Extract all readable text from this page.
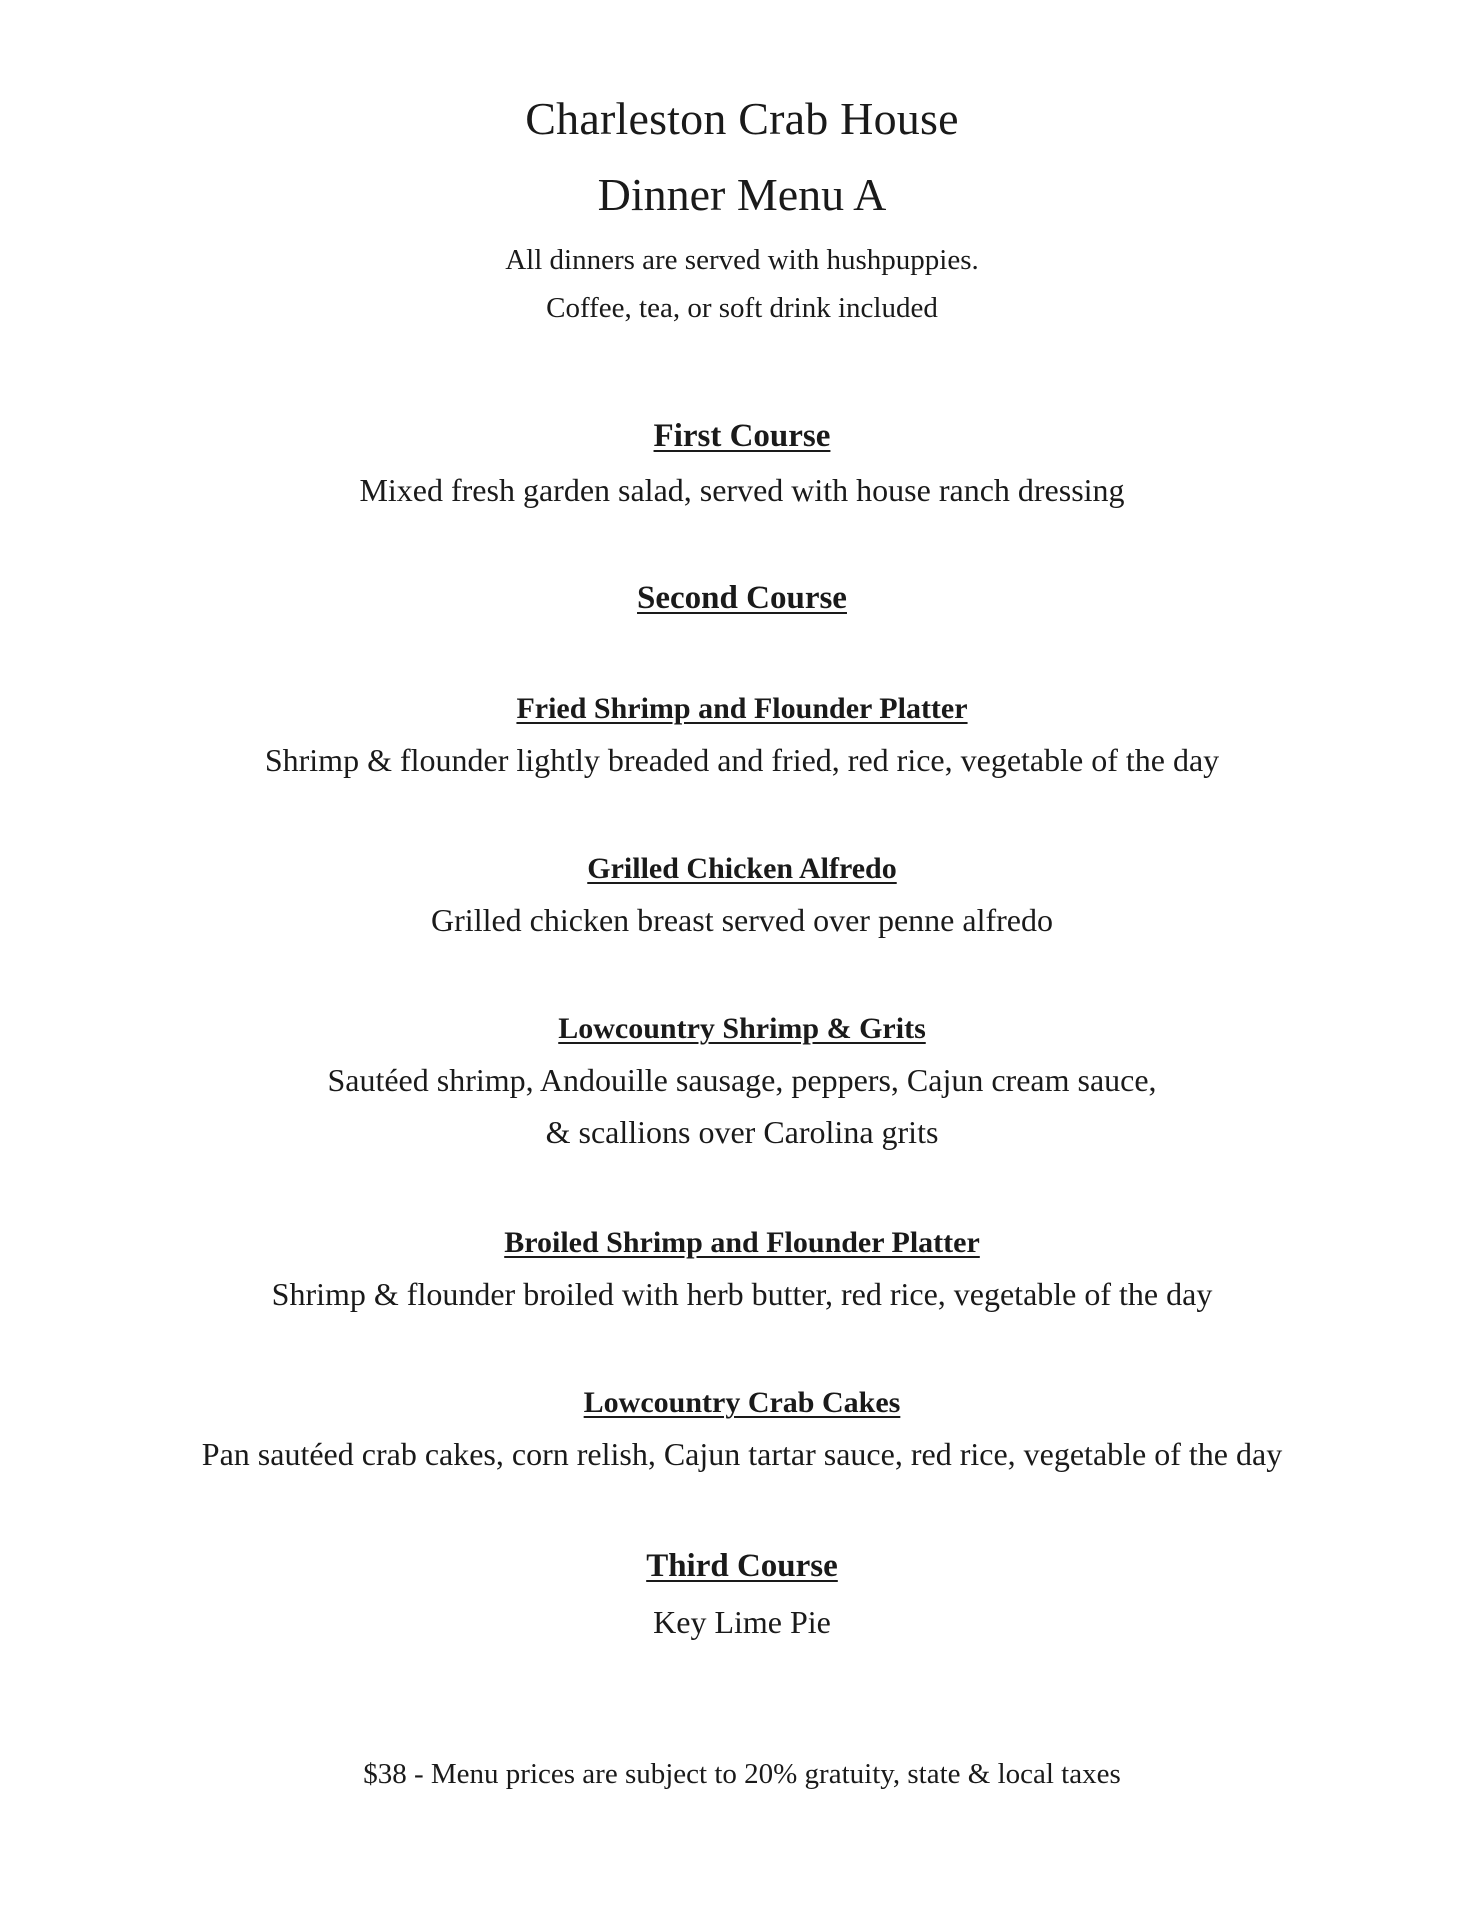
Charleston Crab House
Dinner Menu A
All dinners are served with hushpuppies.
Coffee, tea, or soft drink included
First Course
Mixed fresh garden salad, served with house ranch dressing
Second Course
Fried Shrimp and Flounder Platter
Shrimp & flounder lightly breaded and fried, red rice, vegetable of the day
Grilled Chicken Alfredo
Grilled chicken breast served over penne alfredo
Lowcountry Shrimp & Grits
Sautéed shrimp, Andouille sausage, peppers, Cajun cream sauce,
& scallions over Carolina grits
Broiled Shrimp and Flounder Platter
Shrimp & flounder broiled with herb butter, red rice, vegetable of the day
Lowcountry Crab Cakes
Pan sautéed crab cakes, corn relish, Cajun tartar sauce, red rice, vegetable of the day
Third Course
Key Lime Pie
$38 - Menu prices are subject to 20% gratuity, state & local taxes
